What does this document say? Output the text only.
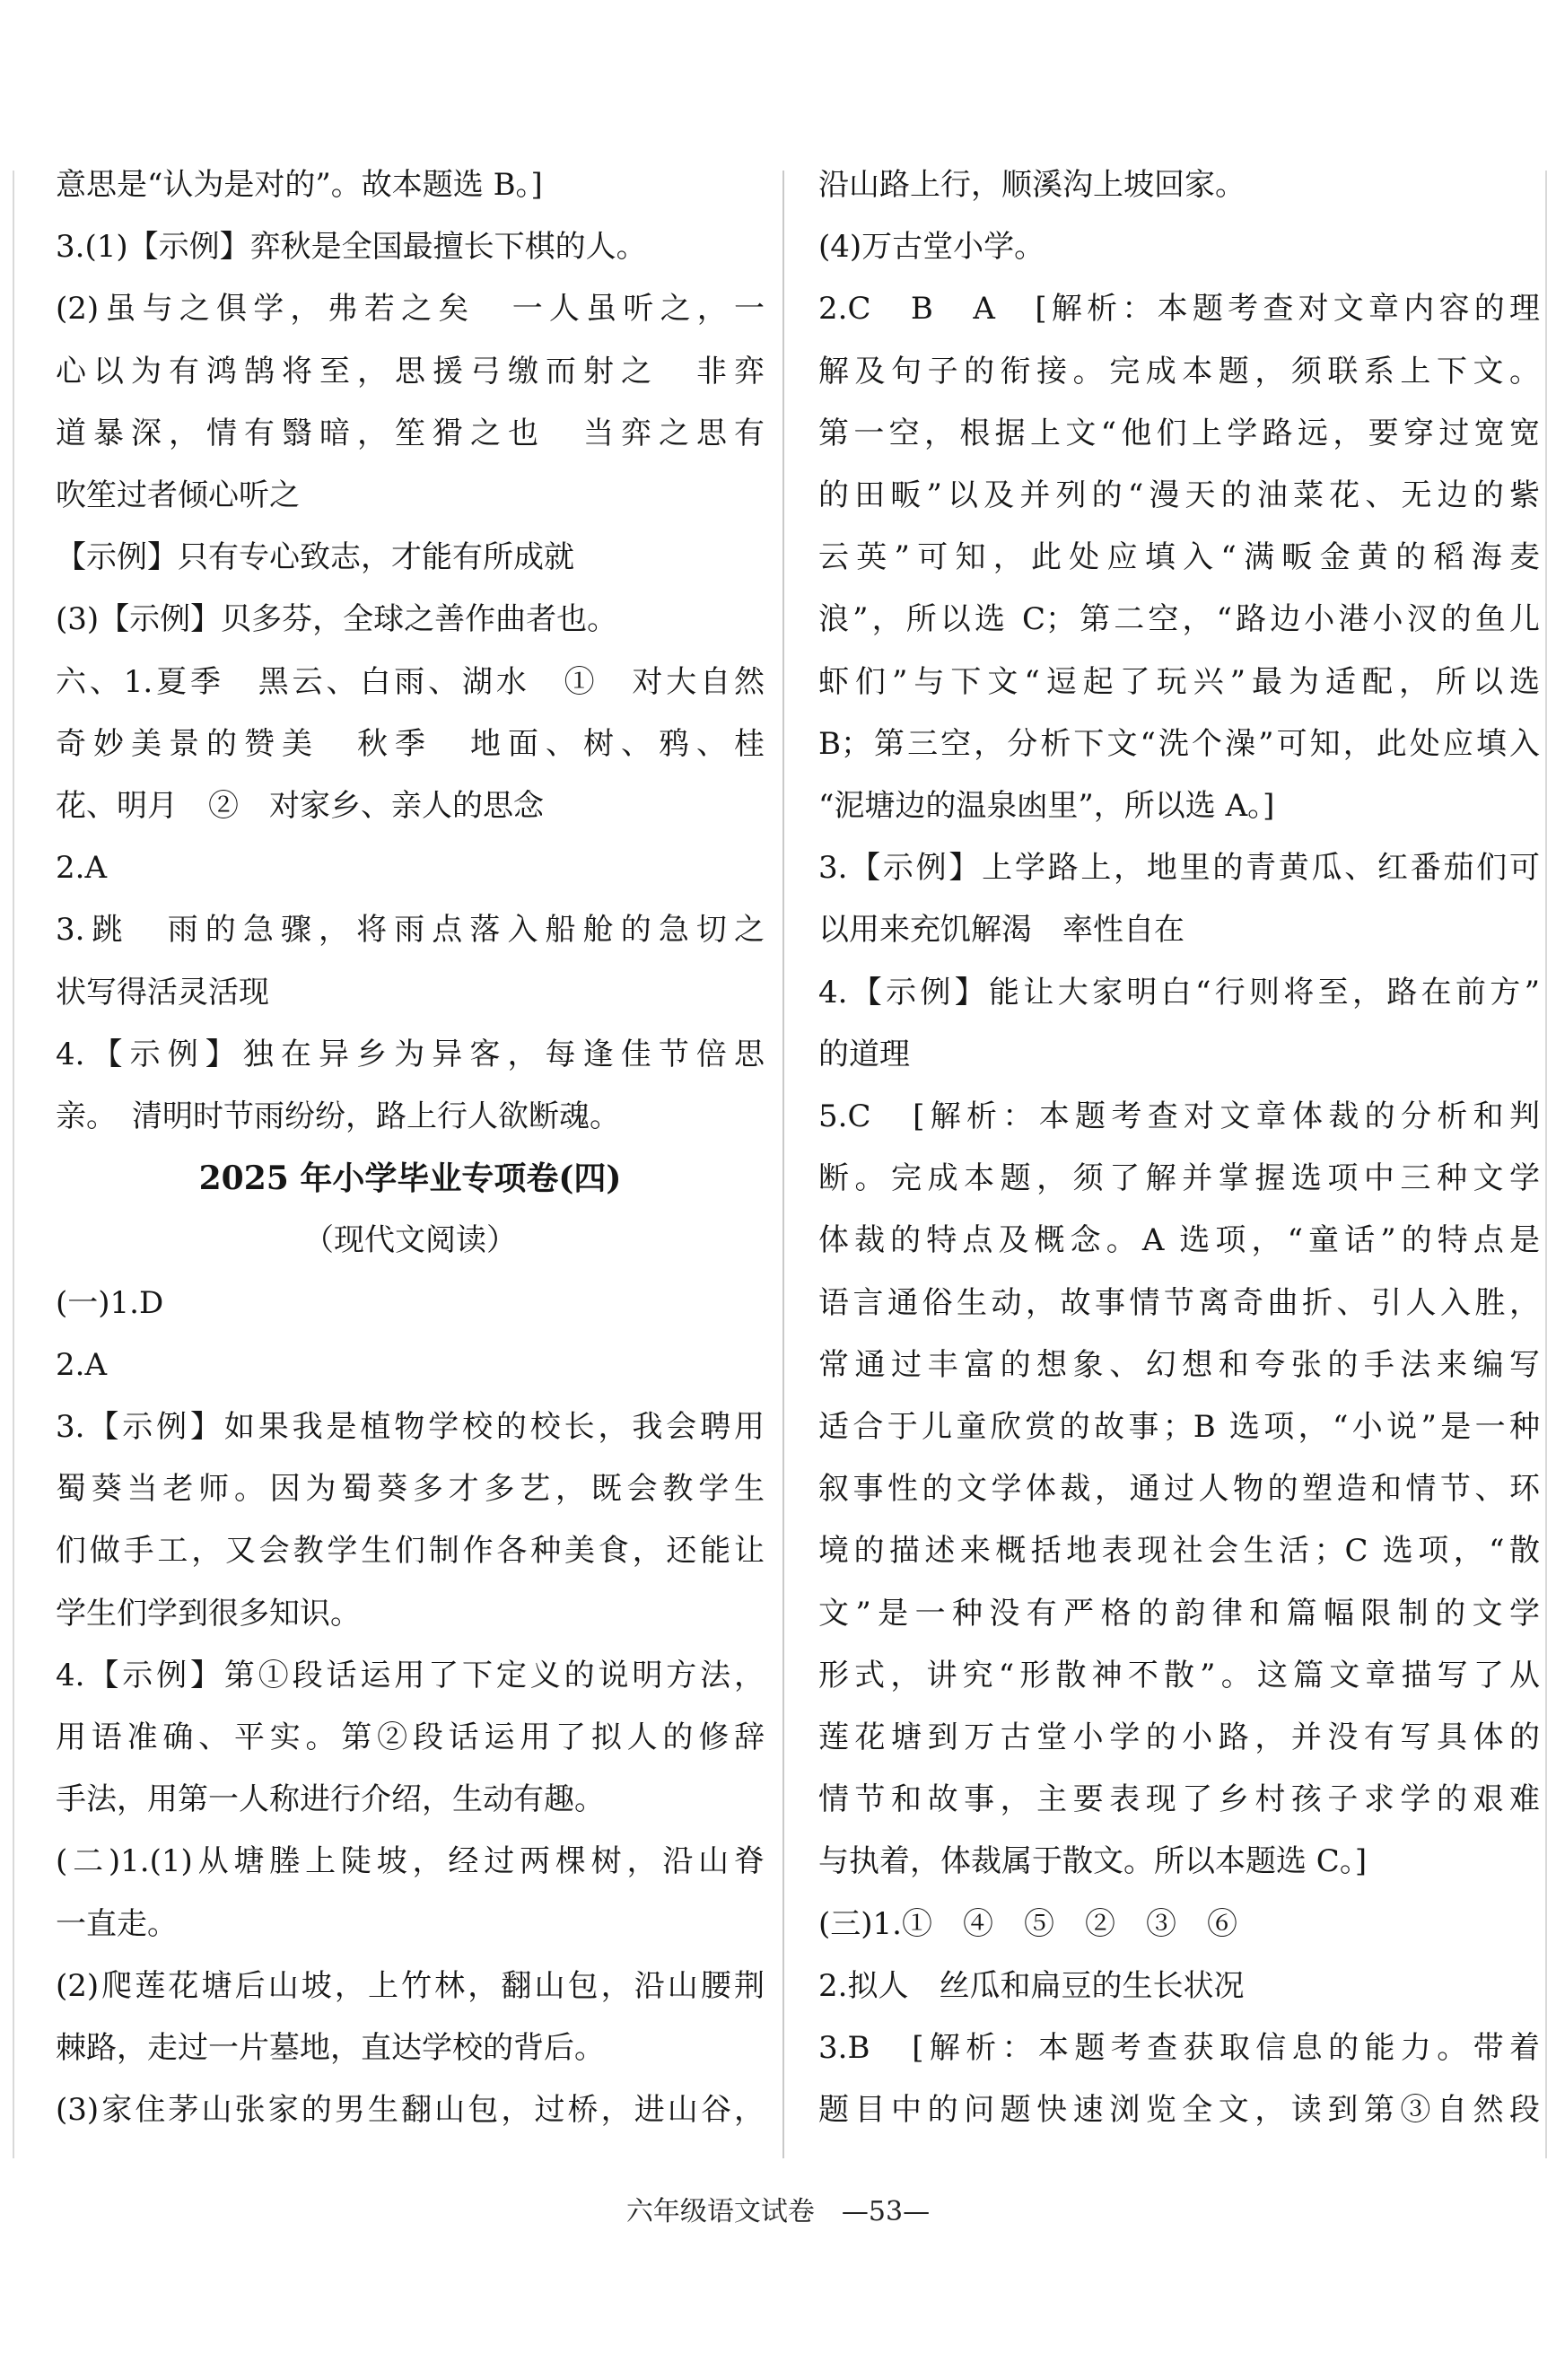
意思是“认为是对的”。故本题选 B。]
3.(1)【示例】弈秋是全国最擅长下棋的人。
(2)虽与之俱学，弗若之矣　一人虽听之，一
心以为有鸿鹄将至，思援弓缴而射之　非弈
道暴深，情有翳暗，笙猾之也　当弈之思有
吹笙过者倾心听之
【示例】只有专心致志，才能有所成就
(3)【示例】贝多芬，全球之善作曲者也。
六、1.夏季　黑云、白雨、湖水　①　对大自然
奇妙美景的赞美　秋季　地面、树、鸦、桂
花、明月　②　对家乡、亲人的思念
2.A
3.跳　雨的急骤，将雨点落入船舱的急切之
状写得活灵活现
4.【示例】独在异乡为异客，每逢佳节倍思
亲。　清明时节雨纷纷，路上行人欲断魂。
2025 年小学毕业专项卷(四)
（现代文阅读）
(一)1.D
2.A
3.【示例】如果我是植物学校的校长，我会聘用
蜀葵当老师。因为蜀葵多才多艺，既会教学生
们做手工，又会教学生们制作各种美食，还能让
学生们学到很多知识。
4.【示例】第①段话运用了下定义的说明方法，
用语准确、平实。第②段话运用了拟人的修辞
手法，用第一人称进行介绍，生动有趣。
(二)1.(1)从塘塍上陡坡，经过两棵树，沿山脊
一直走。
(2)爬莲花塘后山坡，上竹林，翻山包，沿山腰荆
棘路，走过一片墓地，直达学校的背后。
(3)家住茅山张家的男生翻山包，过桥，进山谷，
沿山路上行，顺溪沟上坡回家。
(4)万古堂小学。
2.C　B　A　[解析：本题考查对文章内容的理
解及句子的衔接。完成本题，须联系上下文。
第一空，根据上文“他们上学路远，要穿过宽宽
的田畈”以及并列的“漫天的油菜花、无边的紫
云英”可知，此处应填入“满畈金黄的稻海麦
浪”，所以选 C；第二空，“路边小港小汊的鱼儿
虾们”与下文“逗起了玩兴”最为适配，所以选
B；第三空，分析下文“洗个澡”可知，此处应填入
“泥塘边的温泉凼里”，所以选 A。]
3.【示例】上学路上，地里的青黄瓜、红番茄们可
以用来充饥解渴　率性自在
4.【示例】能让大家明白“行则将至，路在前方”
的道理
5.C　[解析：本题考查对文章体裁的分析和判
断。完成本题，须了解并掌握选项中三种文学
体裁的特点及概念。A 选项，“童话”的特点是
语言通俗生动，故事情节离奇曲折、引人入胜，
常通过丰富的想象、幻想和夸张的手法来编写
适合于儿童欣赏的故事；B 选项，“小说”是一种
叙事性的文学体裁，通过人物的塑造和情节、环
境的描述来概括地表现社会生活；C 选项，“散
文”是一种没有严格的韵律和篇幅限制的文学
形式，讲究“形散神不散”。这篇文章描写了从
莲花塘到万古堂小学的小路，并没有写具体的
情节和故事，主要表现了乡村孩子求学的艰难
与执着，体裁属于散文。所以本题选 C。]
(三)1.①　④　⑤　②　③　⑥
2.拟人　丝瓜和扁豆的生长状况
3.B　[解析：本题考查获取信息的能力。带着
题目中的问题快速浏览全文，读到第③自然段
六年级语文试卷　—53—
